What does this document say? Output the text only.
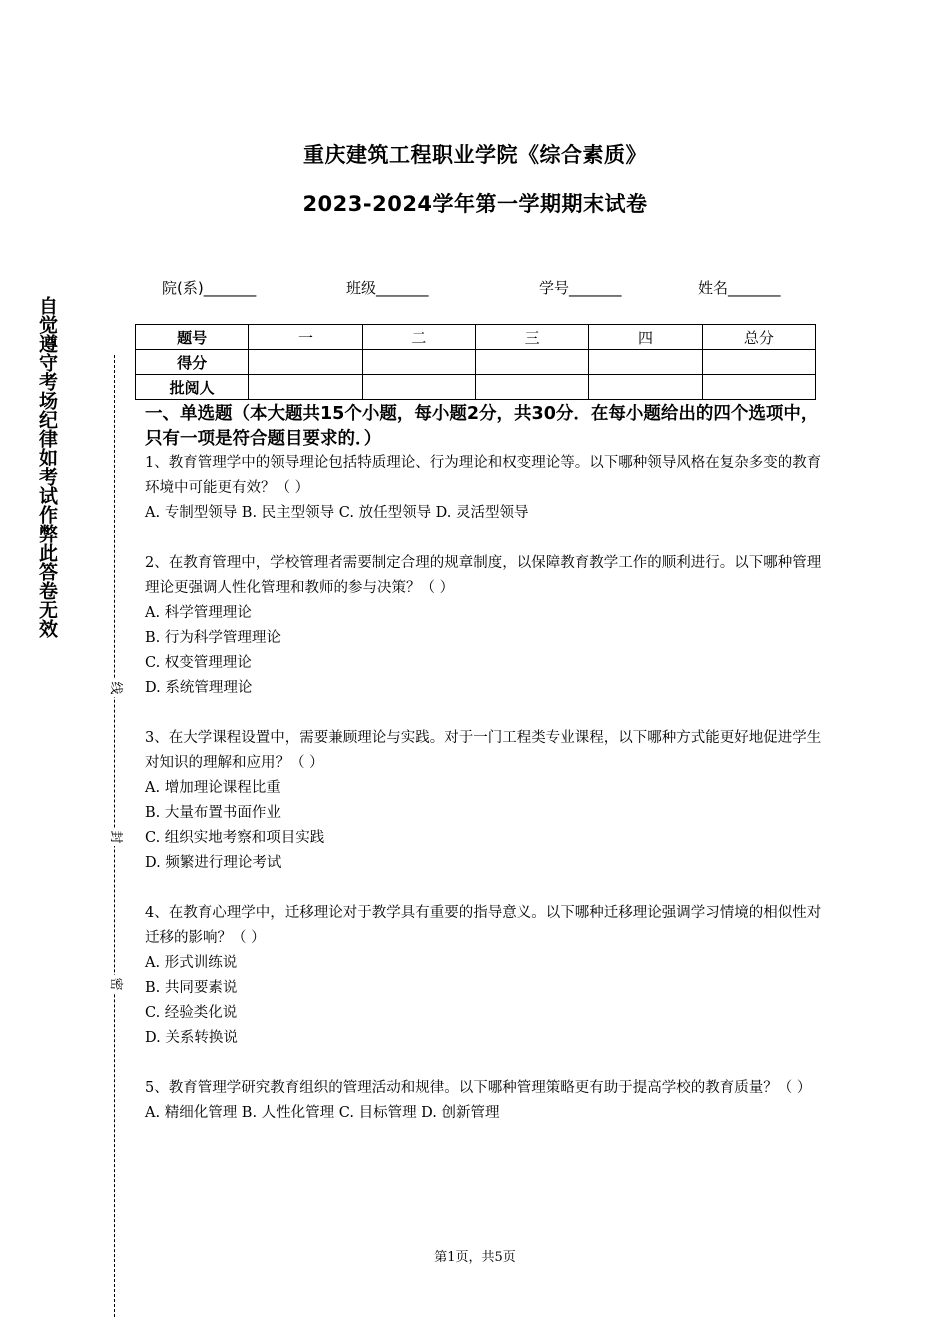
重庆建筑工程职业学院《综合素质》
2023-2024学年第一学期期末试卷
院(系)_______	班级_______	学号_______	姓名_______
题号	一	二	三	四	总分
得分					
批阅人					
自觉遵守考场纪律如考试作弊此答卷无效
线
封
密
一、单选题（本大题共15个小题，每小题2分，共30分．在每小题给出的四个选项中，只有一项是符合题目要求的．）

1、教育管理学中的领导理论包括特质理论、行为理论和权变理论等。以下哪种领导风格在复杂多变的教育环境中可能更有效？（ ）

A. 专制型领导 B. 民主型领导 C. 放任型领导 D. 灵活型领导

2、在教育管理中，学校管理者需要制定合理的规章制度，以保障教育教学工作的顺利进行。以下哪种管理理论更强调人性化管理和教师的参与决策？（ ）

A. 科学管理理论

B. 行为科学管理理论

C. 权变管理理论

D. 系统管理理论

3、在大学课程设置中，需要兼顾理论与实践。对于一门工程类专业课程，以下哪种方式能更好地促进学生对知识的理解和应用？（ ）

A. 增加理论课程比重

B. 大量布置书面作业

C. 组织实地考察和项目实践

D. 频繁进行理论考试

4、在教育心理学中，迁移理论对于教学具有重要的指导意义。以下哪种迁移理论强调学习情境的相似性对迁移的影响？（ ）

A. 形式训练说

B. 共同要素说

C. 经验类化说

D. 关系转换说

5、教育管理学研究教育组织的管理活动和规律。以下哪种管理策略更有助于提高学校的教育质量？（ ）

A. 精细化管理 B. 人性化管理 C. 目标管理 D. 创新管理

第1页，共5页
